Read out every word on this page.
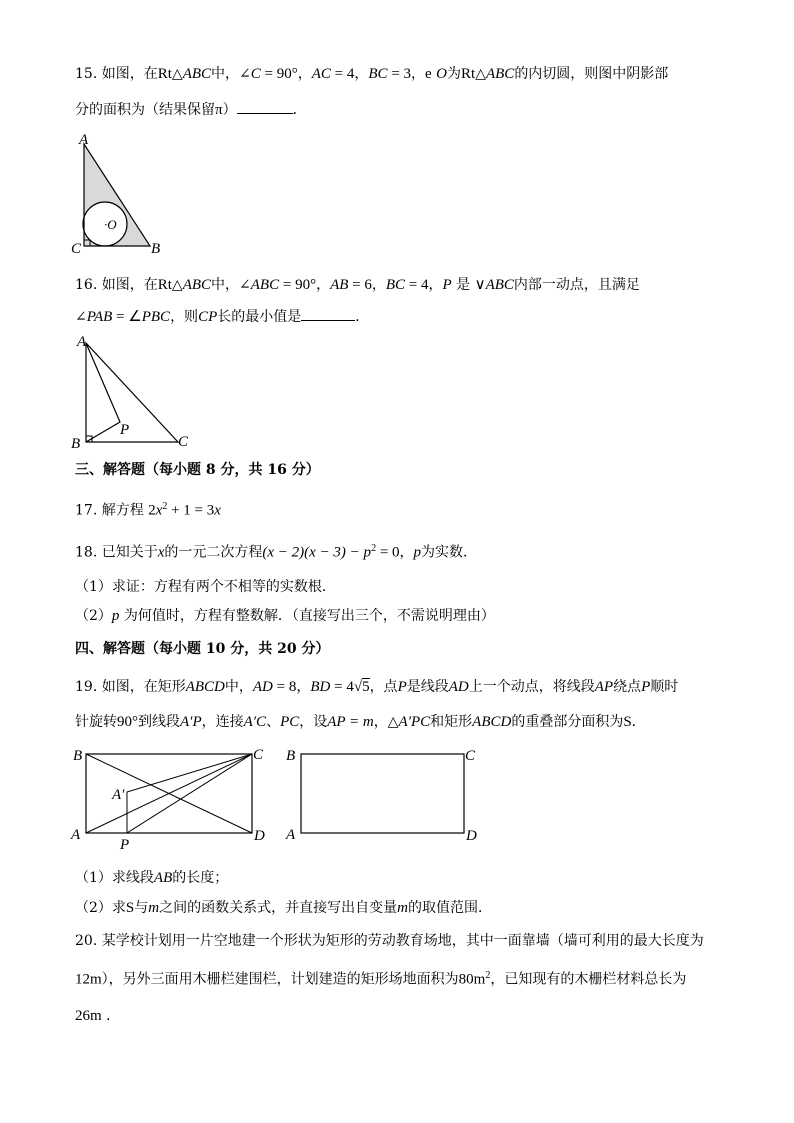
15. 如图，在Rt△ABC中，∠C = 90°，AC = 4，BC = 3，e O为Rt△ABC的内切圆，则图中阴影部
分的面积为（结果保留π）	．
A
C	B
·O
16. 如图，在Rt△ABC中，∠ABC = 90°，AB = 6，BC = 4，P 是 ∨ABC内部一动点，且满足
∠PAB = ∠PBC，则CP长的最小值是	．
A
B	C
P
三、解答题（每小题 8 分，共 16 分）
17. 解方程 $2x^2 + 1 = 3x$
18. 已知关于x的一元二次方程$(x - 2)(x - 3) - p^2 = 0$，p为实数．
（1）求证：方程有两个不相等的实数根．
（2）p 为何值时，方程有整数解．（直接写出三个，不需说明理由）
四、解答题（每小题 10 分，共 20 分）
19. 如图，在矩形ABCD中，AD = 8，BD = 4√5，点P是线段AD上一个动点，将线段AP绕点P顺时
针旋转90°到线段A′P，连接A′C、PC，设AP = m，△A′PC和矩形ABCD的重叠部分面积为S．
B	C
A	D
P
A′
B	C
A	D
（1）求线段AB的长度；
（2）求S与m之间的函数关系式，并直接写出自变量m的取值范围．
20. 某学校计划用一片空地建一个形状为矩形的劳动教育场地，其中一面靠墙（墙可利用的最大长度为
12m），另外三面用木栅栏建围栏，计划建造的矩形场地面积为$80m^2$，已知现有的木栅栏材料总长为
26m ．
